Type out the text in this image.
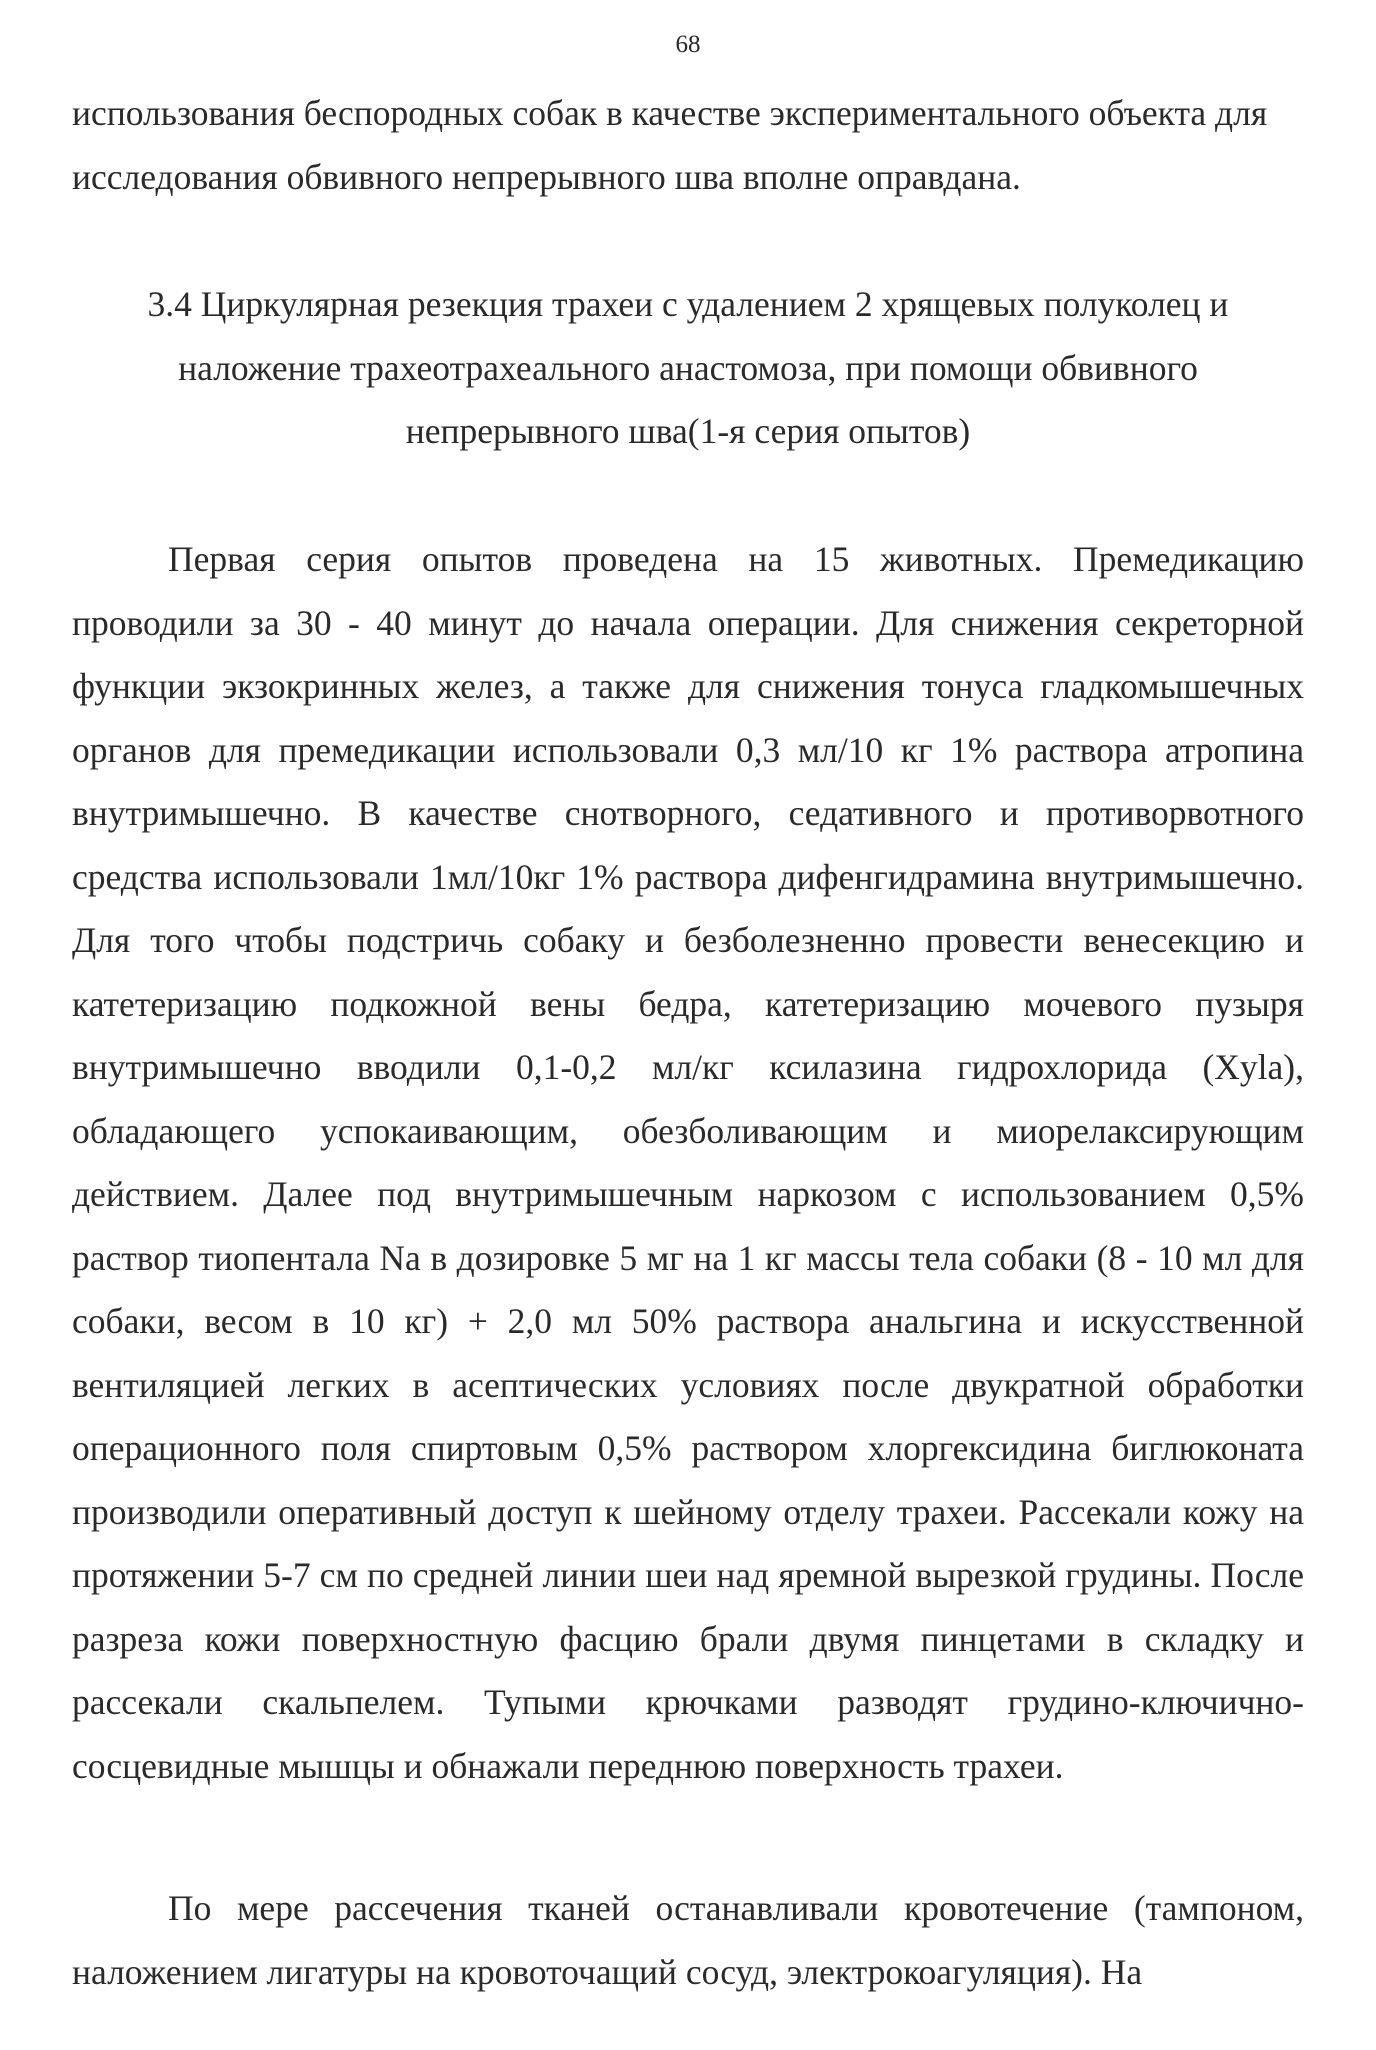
68

использования беспородных собак в качестве экспериментального объекта для исследования обвивного непрерывного шва вполне оправдана.

3.4 Циркулярная резекция трахеи с удалением 2 хрящевых полуколец и
наложение трахеотрахеального анастомоза, при помощи обвивного
непрерывного шва(1-я серия опытов)

Первая серия опытов проведена на 15 животных. Премедикацию проводили за 30 - 40 минут до начала операции. Для снижения секреторной функции экзокринных желез, а также для снижения тонуса гладкомышечных органов для премедикации использовали 0,3 мл/10 кг 1% раствора атропина внутримышечно. В качестве снотворного, седативного и противорвотного средства использовали 1мл/10кг 1% раствора дифенгидрамина внутримышечно. Для того чтобы подстричь собаку и безболезненно провести венесекцию и катетеризацию подкожной вены бедра, катетеризацию мочевого пузыря внутримышечно вводили 0,1-0,2 мл/кг ксилазина гидрохлорида (Xyla), обладающего успокаивающим, обезболивающим и миорелаксирующим действием. Далее под внутримышечным наркозом с использованием 0,5% раствор тиопентала Na в дозировке 5 мг на 1 кг массы тела собаки (8 - 10 мл для собаки, весом в 10 кг) + 2,0 мл 50% раствора анальгина и искусственной вентиляцией легких в асептических условиях после двукратной обработки операционного поля спиртовым 0,5% раствором хлоргексидина биглюконата производили оперативный доступ к шейному отделу трахеи. Рассекали кожу на протяжении 5-7 см по средней линии шеи над яремной вырезкой грудины. После разреза кожи поверхностную фасцию брали двумя пинцетами в складку и рассекали скальпелем. Тупыми крючками разводят грудино-ключично-сосцевидные мышцы и обнажали переднюю поверхность трахеи.

По мере рассечения тканей останавливали кровотечение (тампоном, наложением лигатуры на кровоточащий сосуд, электрокоагуляция). На
